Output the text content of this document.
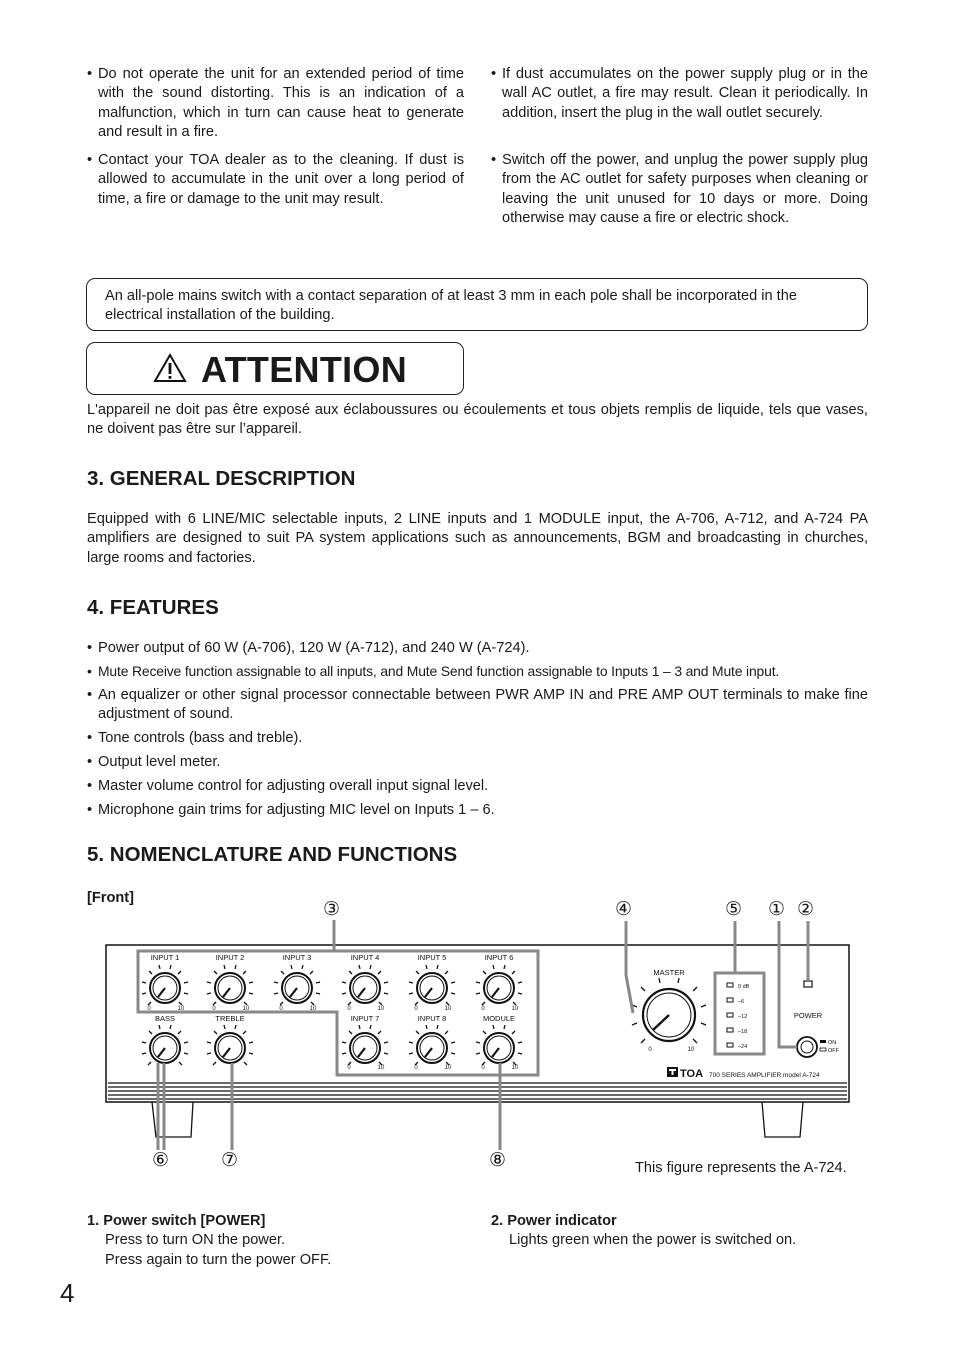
• Do not operate the unit for an extended period of time with the sound distorting. This is an indication of a malfunction, which in turn can cause heat to generate and result in a fire.
• Contact your TOA dealer as to the cleaning. If dust is allowed to accumulate in the unit over a long period of time, a fire or damage to the unit may result.
• If dust accumulates on the power supply plug or in the wall AC outlet, a fire may result. Clean it periodically. In addition, insert the plug in the wall outlet securely.
• Switch off the power, and unplug the power supply plug from the AC outlet for safety purposes when cleaning or leaving the unit unused for 10 days or more. Doing otherwise may cause a fire or electric shock.
An all-pole mains switch with a contact separation of at least 3 mm in each pole shall be incorporated in the electrical installation of the building.
ATTENTION
L'appareil ne doit pas être exposé aux éclaboussures ou écoulements et tous objets remplis de liquide, tels que vases, ne doivent pas être sur l’appareil.
3. GENERAL DESCRIPTION
Equipped with 6 LINE/MIC selectable inputs, 2 LINE inputs and 1 MODULE input, the A-706, A-712, and A-724 PA amplifiers are designed to suit PA system applications such as announcements, BGM and broadcasting in churches, large rooms and factories.
4. FEATURES
• Power output of 60 W (A-706), 120 W (A-712), and 240 W (A-724).
• Mute Receive function assignable to all inputs, and Mute Send function assignable to Inputs 1 – 3 and Mute input.
• An equalizer or other signal processor connectable between PWR AMP IN and PRE AMP OUT terminals to make fine adjustment of sound.
• Tone controls (bass and treble).
• Output level meter.
• Master volume control for adjusting overall input signal level.
• Microphone gain trims for adjusting MIC level on Inputs 1 – 6.
5. NOMENCLATURE AND FUNCTIONS
[Front]
INPUT 1	INPUT 2	INPUT 3	INPUT 4	INPUT 5	INPUT 6
BASS	TREBLE	INPUT 7	INPUT 8	MODULE
MASTER
POWER
0	10	0	10	0	10	0	10	0	10	0	10
0	10	0	10	0	10
0	10
0 dB
–6
–12
–18
–24
ON
OFF
TOA 700 SERIES AMPLIFIER model A-724
③	④	⑤ ① ②
⑥	⑦	⑧	This figure represents the A-724.
1. Power switch [POWER]
Press to turn ON the power.
Press again to turn the power OFF.
2. Power indicator
Lights green when the power is switched on.
4
